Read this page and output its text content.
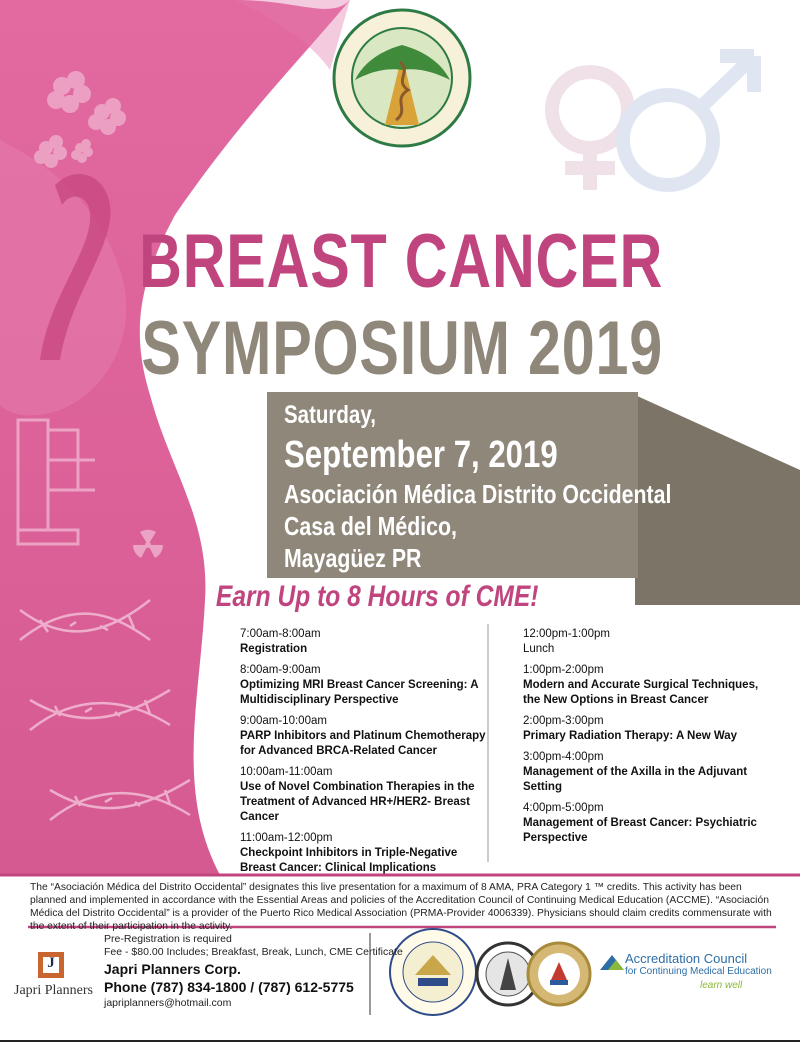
BREAST CANCER
SYMPOSIUM 2019
Saturday,
September 7, 2019
Asociación Médica Distrito Occidental
Casa del Médico,
Mayagüez PR
Earn Up to 8 Hours of CME!
7:00am-8:00am
Registration
8:00am-9:00am
Optimizing MRI Breast Cancer Screening: A Multidisciplinary Perspective
9:00am-10:00am
PARP Inhibitors and Platinum Chemotherapy for Advanced BRCA-Related Cancer
10:00am-11:00am
Use of Novel Combination Therapies in the Treatment of Advanced HR+/HER2- Breast Cancer
11:00am-12:00pm
Checkpoint Inhibitors in Triple-Negative Breast Cancer: Clinical Implications
12:00pm-1:00pm
Lunch
1:00pm-2:00pm
Modern and Accurate Surgical Techniques, the New Options in Breast Cancer
2:00pm-3:00pm
Primary Radiation Therapy: A New Way
3:00pm-4:00pm
Management of the Axilla in the Adjuvant Setting
4:00pm-5:00pm
Management of Breast Cancer: Psychiatric Perspective
The “Asociación Médica del Distrito Occidental” designates this live presentation for a maximum of 8 AMA, PRA Category 1 ™ credits. This activity has been planned and implemented in accordance with the Essential Areas and policies of the Accreditation Council of Continuing Medical Education (ACCME). “Asociación Médica del Distrito Occidental” is a provider of the Puerto Rico Medical Association (PRMA-Provider 4006339). Physicians should claim credits commensurate with the extent of their participation in the activity.
J
Japri Planners
Pre-Registration is required
Fee - $80.00 Includes; Breakfast, Break, Lunch, CME Certificate
Japri Planners Corp.
Phone (787) 834-1800 / (787) 612-5775
japriplanners@hotmail.com
Accreditation Council
for Continuing Medical Education
learn well
